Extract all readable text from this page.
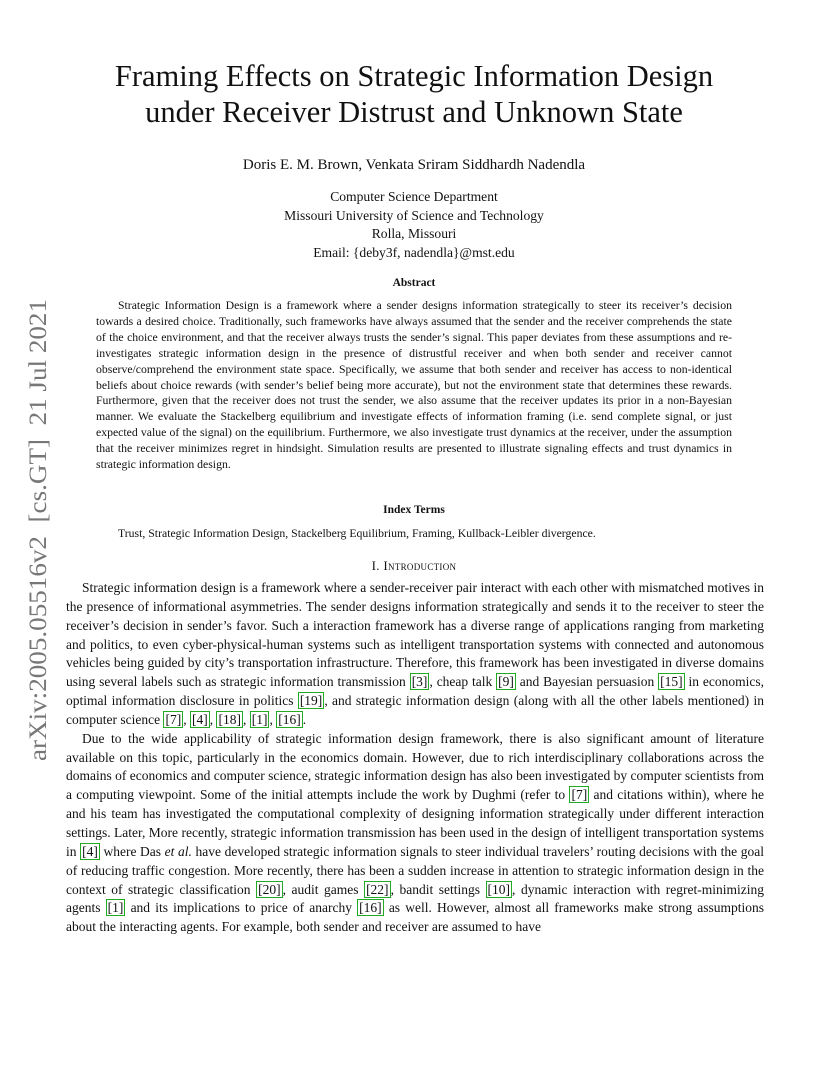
arXiv:2005.05516v2  [cs.GT]  21 Jul 2021
Framing Effects on Strategic Information Design
under Receiver Distrust and Unknown State
Doris E. M. Brown, Venkata Sriram Siddhardh Nadendla
Computer Science Department
Missouri University of Science and Technology
Rolla, Missouri
Email: {deby3f, nadendla}@mst.edu
Abstract

Strategic Information Design is a framework where a sender designs information strategically to steer its receiver’s decision towards a desired choice. Traditionally, such frameworks have always assumed that the sender and the receiver comprehends the state of the choice environment, and that the receiver always trusts the sender’s signal. This paper deviates from these assumptions and re-investigates strategic information design in the presence of distrustful receiver and when both sender and receiver cannot observe/comprehend the environment state space. Specifically, we assume that both sender and receiver has access to non-identical beliefs about choice rewards (with sender’s belief being more accurate), but not the environment state that determines these rewards. Furthermore, given that the receiver does not trust the sender, we also assume that the receiver updates its prior in a non-Bayesian manner. We evaluate the Stackelberg equilibrium and investigate effects of information framing (i.e. send complete signal, or just expected value of the signal) on the equilibrium. Furthermore, we also investigate trust dynamics at the receiver, under the assumption that the receiver minimizes regret in hindsight. Simulation results are presented to illustrate signaling effects and trust dynamics in strategic information design.

Index Terms
Trust, Strategic Information Design, Stackelberg Equilibrium, Framing, Kullback-Leibler divergence.
I. Introduction

Strategic information design is a framework where a sender-receiver pair interact with each other with mismatched motives in the presence of informational asymmetries. The sender designs information strategically and sends it to the receiver to steer the receiver’s decision in sender’s favor. Such a interaction framework has a diverse range of applications ranging from marketing and politics, to even cyber-physical-human systems such as intelligent transportation systems with connected and autonomous vehicles being guided by city’s transportation infrastructure. Therefore, this framework has been investigated in diverse domains using several labels such as strategic information transmission [3] , cheap talk [9] and Bayesian persuasion [15] in economics, optimal information disclosure in politics [19] , and strategic information design (along with all the other labels mentioned) in computer science [7] , [4] , [18] , [1] , [16] .

Due to the wide applicability of strategic information design framework, there is also significant amount of literature available on this topic, particularly in the economics domain. However, due to rich interdisciplinary collaborations across the domains of economics and computer science, strategic information design has also been investigated by computer scientists from a computing viewpoint. Some of the initial attempts include the work by Dughmi (refer to [7] and citations within), where he and his team has investigated the computational complexity of designing information strategically under different interaction settings. Later, More recently, strategic information transmission has been used in the design of intelligent transportation systems in [4] where Das et al. have developed strategic information signals to steer individual travelers’ routing decisions with the goal of reducing traffic congestion. More recently, there has been a sudden increase in attention to strategic information design in the context of strategic classification [20] , audit games [22] , bandit settings [10] , dynamic interaction with regret-minimizing agents [1] and its implications to price of anarchy [16] as well. However, almost all frameworks make strong assumptions about the interacting agents. For example, both sender and receiver are assumed to have
